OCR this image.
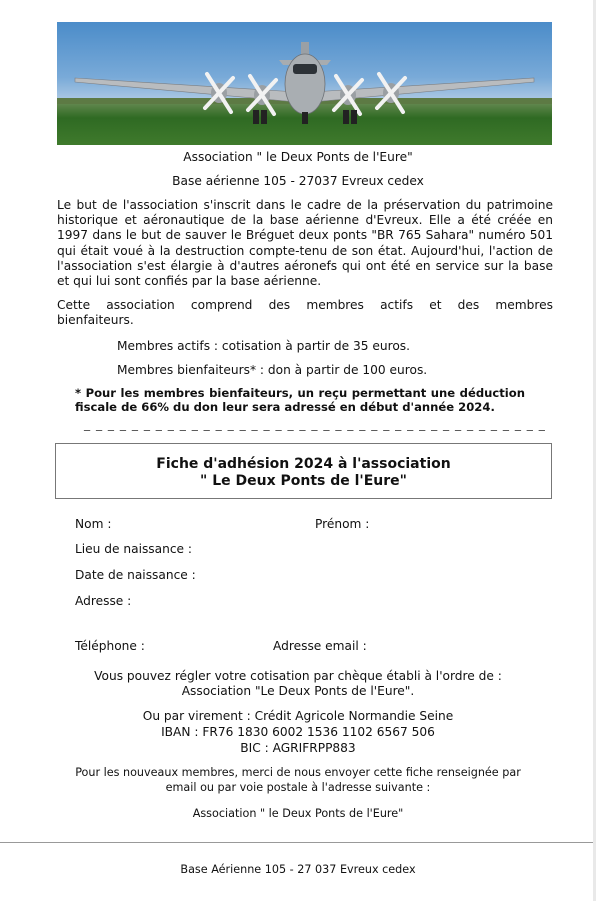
Association " le Deux Ponts de l'Eure"
Base aérienne 105 - 27037 Evreux cedex
Le but de l'association s'inscrit dans le cadre de la préservation du patrimoine historique et aéronautique de la base aérienne d'Evreux. Elle a été créée en 1997 dans le but de sauver le Bréguet deux ponts "BR 765 Sahara" numéro 501 qui était voué à la destruction compte-tenu de son état. Aujourd'hui, l'action de l'association s'est élargie à d'autres aéronefs qui ont été en service sur la base et qui lui sont confiés par la base aérienne.
Cette association comprend des membres actifs et des membres bienfaiteurs.
Membres actifs : cotisation à partir de 35 euros.
Membres bienfaiteurs* : don à partir de 100 euros.
* Pour les membres bienfaiteurs, un reçu permettant une déduction fiscale de 66% du don leur sera adressé en début d'année 2024.
_ _ _ _ _ _ _ _ _ _ _ _ _ _ _ _ _ _ _ _ _ _ _ _ _ _ _ _ _ _ _ _ _ _ _ _ _ _ _
Fiche d'adhésion 2024 à l'association
" Le Deux Ponts de l'Eure"
Nom :	Prénom :
Lieu de naissance :
Date de naissance :
Adresse :
Téléphone :	Adresse email :
Vous pouvez régler votre cotisation par chèque établi à l'ordre de :
Association "Le Deux Ponts de l'Eure".
Ou par virement : Crédit Agricole Normandie Seine
IBAN : FR76 1830 6002 1536 1102 6567 506
BIC : AGRIFRPP883
Pour les nouveaux membres, merci de nous envoyer cette fiche renseignée par
email ou par voie postale à l'adresse suivante :
Association " le Deux Ponts de l'Eure"
Base Aérienne 105 - 27 037 Evreux cedex
